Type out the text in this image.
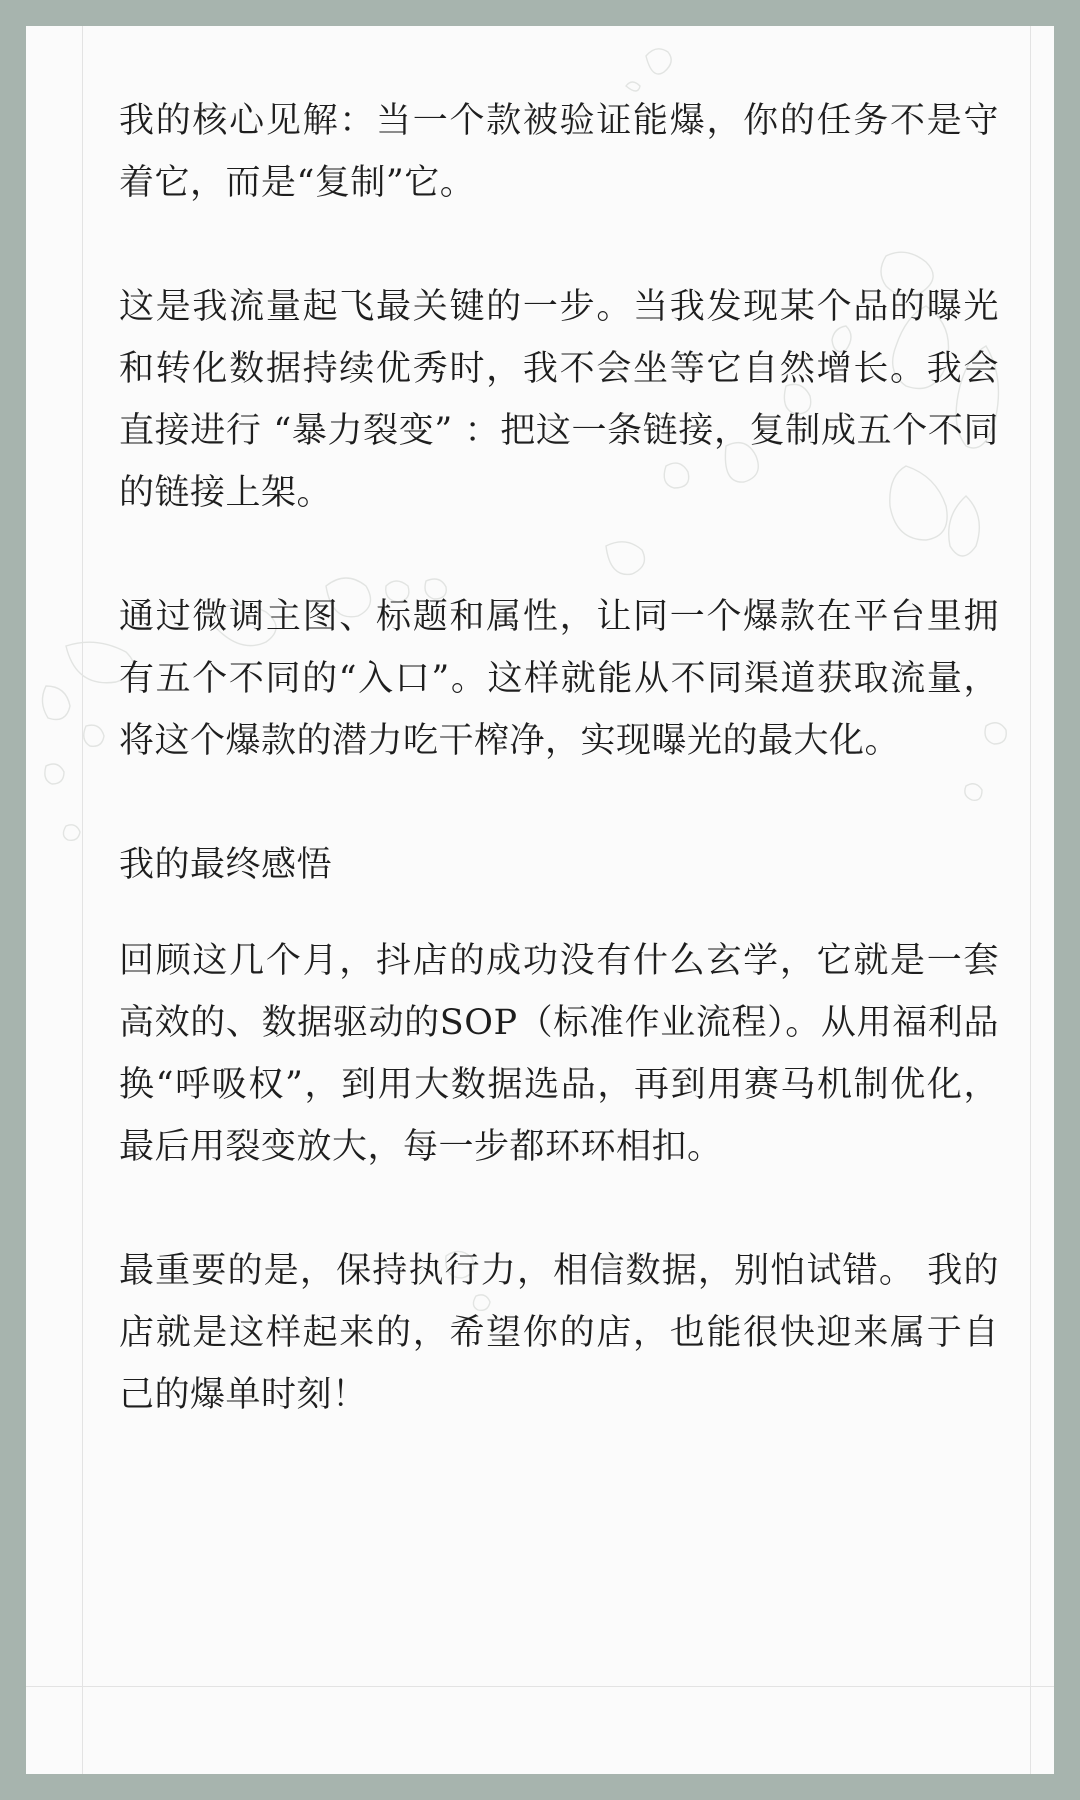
我的核心见解：当一个款被验证能爆，你的任务不是守着它，而是“复制”它。

这是我流量起飞最关键的一步。当我发现某个品的曝光和转化数据持续优秀时，我不会坐等它自然增长。我会直接进行 “暴力裂变” ：把这一条链接，复制成五个不同的链接上架。

通过微调主图、标题和属性，让同一个爆款在平台里拥有五个不同的“入口”。这样就能从不同渠道获取流量，将这个爆款的潜力吃干榨净，实现曝光的最大化。

我的最终感悟

回顾这几个月，抖店的成功没有什么玄学，它就是一套高效的、数据驱动的SOP（标准作业流程）。从用福利品换“呼吸权”，到用大数据选品，再到用赛马机制优化，最后用裂变放大，每一步都环环相扣。

最重要的是，保持执行力，相信数据，别怕试错。 我的店就是这样起来的，希望你的店，也能很快迎来属于自己的爆单时刻！
